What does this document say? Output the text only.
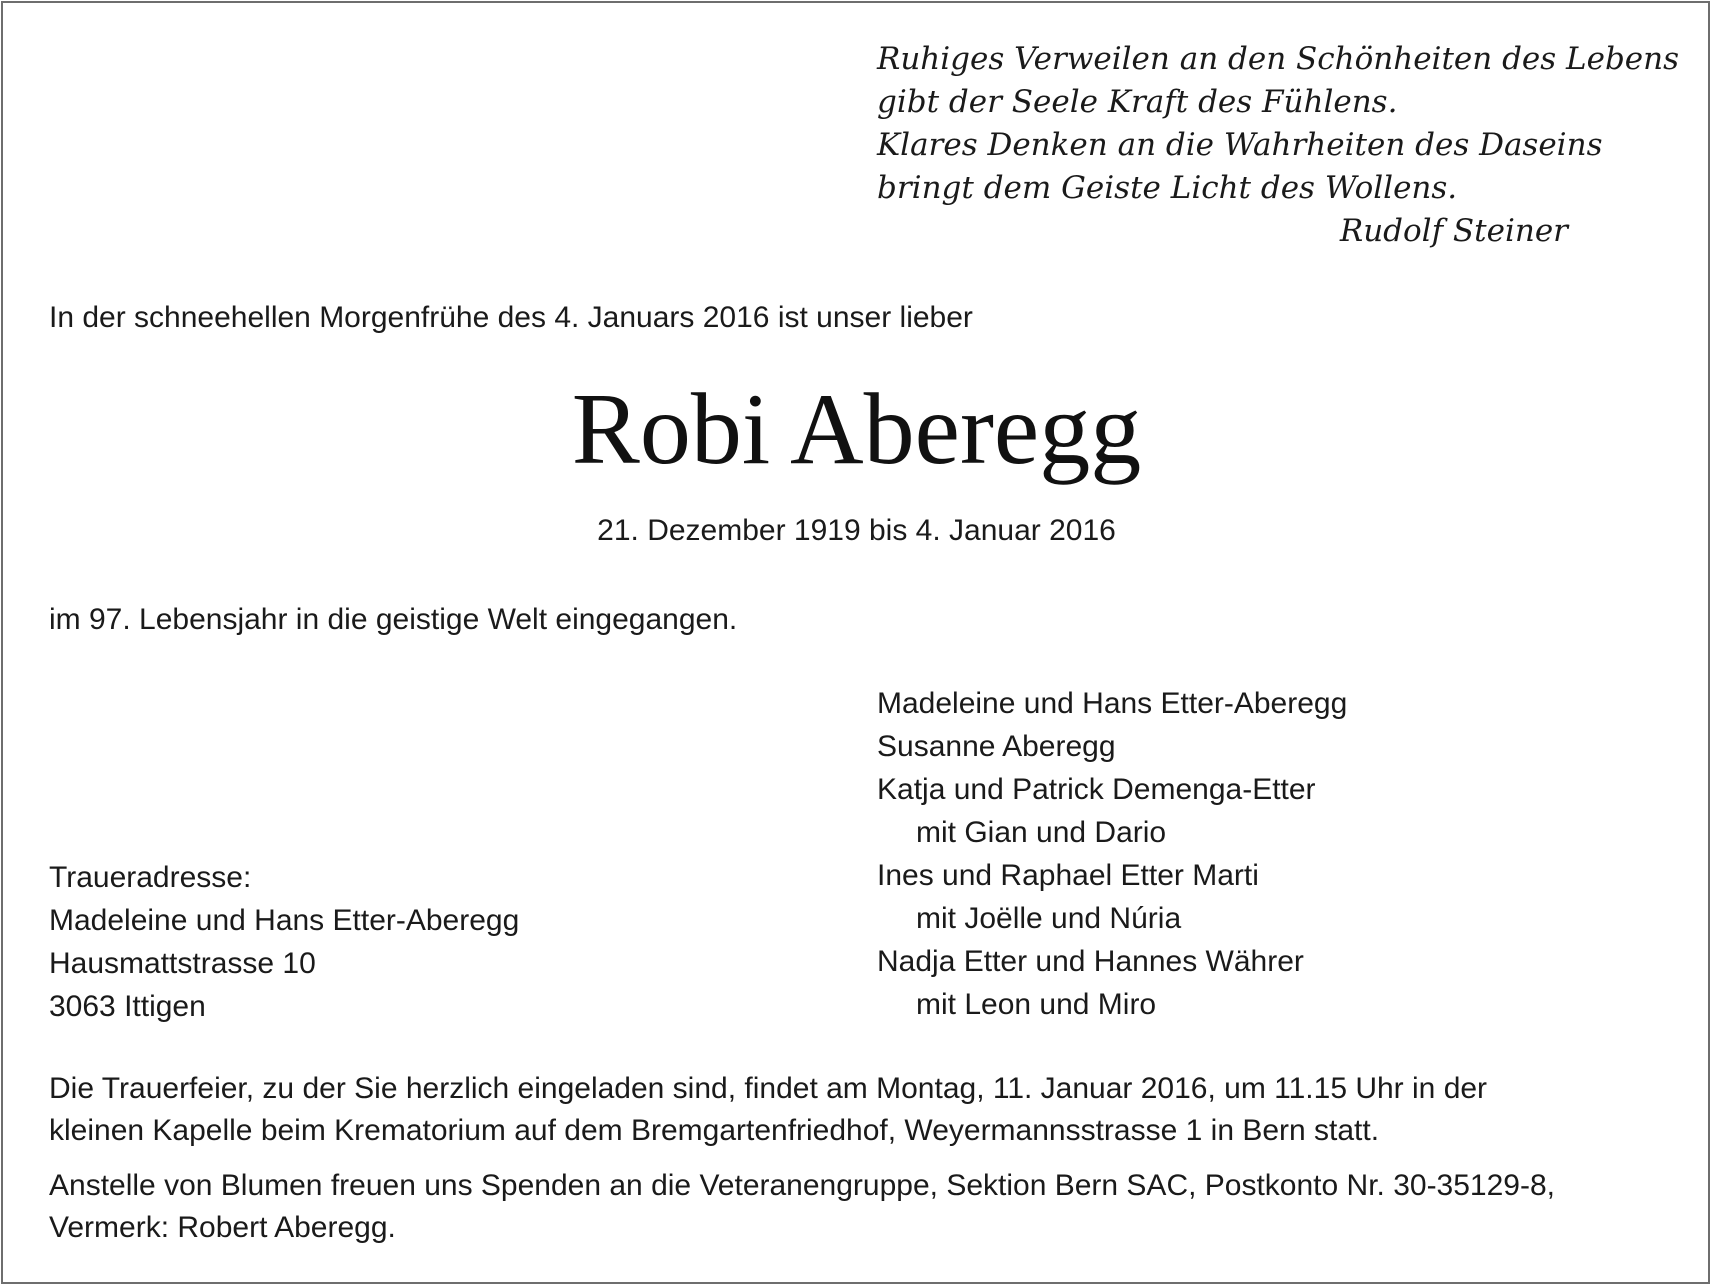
Ruhiges Verweilen an den Schönheiten des Lebens
gibt der Seele Kraft des Fühlens.
Klares Denken an die Wahrheiten des Daseins
bringt dem Geiste Licht des Wollens.
Rudolf Steiner
In der schneehellen Morgenfrühe des 4. Januars 2016 ist unser lieber
Robi Aberegg
21. Dezember 1919 bis 4. Januar 2016
im 97. Lebensjahr in die geistige Welt eingegangen.
Madeleine und Hans Etter-Aberegg
Susanne Aberegg
Katja und Patrick Demenga-Etter
mit Gian und Dario
Ines und Raphael Etter Marti
mit Joëlle und Núria
Nadja Etter und Hannes Währer
mit Leon und Miro
Traueradresse:
Madeleine und Hans Etter-Aberegg
Hausmattstrasse 10
3063 Ittigen
Die Trauerfeier, zu der Sie herzlich eingeladen sind, findet am Montag, 11. Januar 2016, um 11.15 Uhr in der
kleinen Kapelle beim Krematorium auf dem Bremgartenfriedhof, Weyermannsstrasse 1 in Bern statt.
Anstelle von Blumen freuen uns Spenden an die Veteranengruppe, Sektion Bern SAC, Postkonto Nr. 30-35129-8,
Vermerk: Robert Aberegg.
